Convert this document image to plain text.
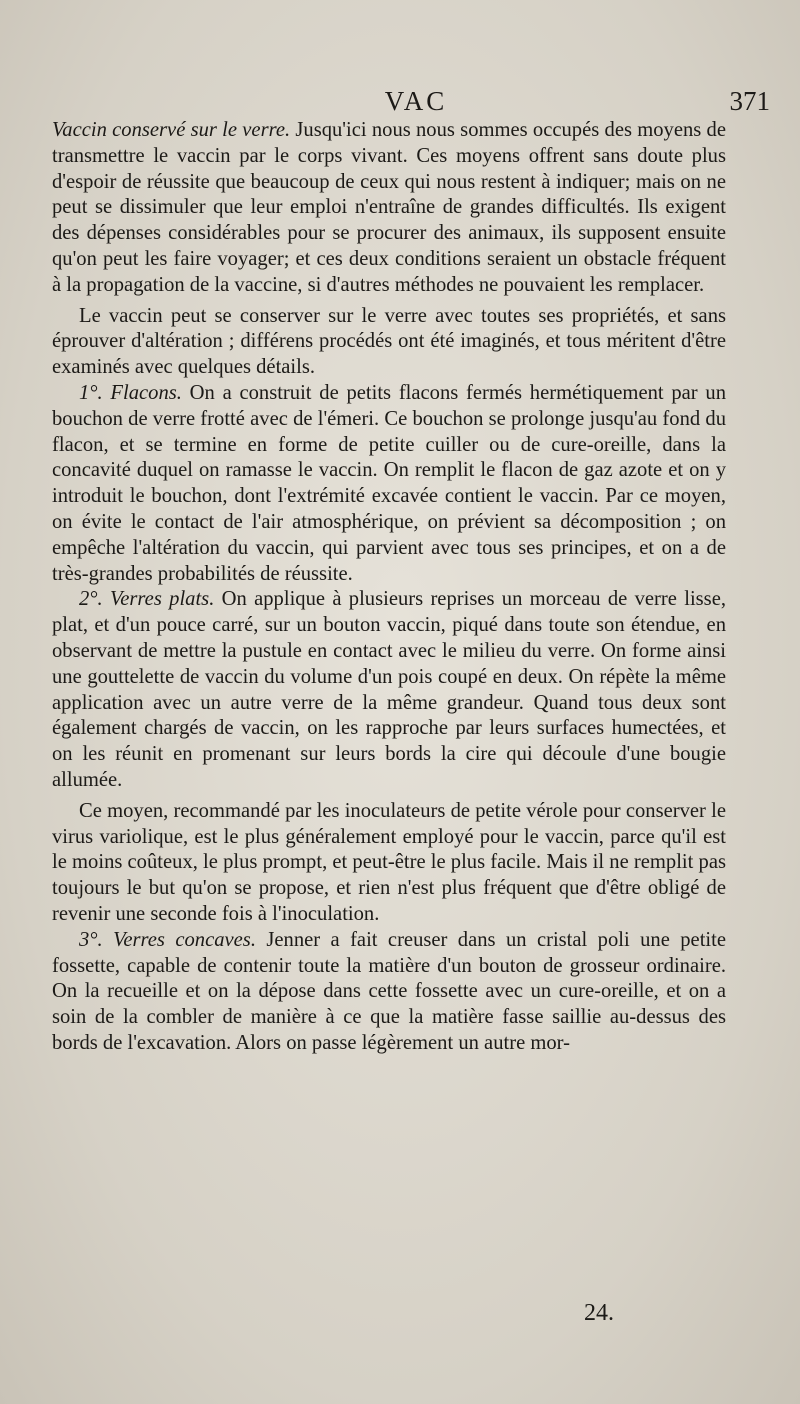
VAC	371

Vaccin conservé sur le verre. Jusqu'ici nous nous sommes occupés des moyens de transmettre le vaccin par le corps vivant. Ces moyens offrent sans doute plus d'espoir de réussite que beaucoup de ceux qui nous restent à indiquer; mais on ne peut se dissimuler que leur emploi n'entraîne de grandes difficultés. Ils exigent des dépenses considérables pour se procurer des animaux, ils supposent ensuite qu'on peut les faire voyager; et ces deux conditions seraient un obstacle fréquent à la propagation de la vaccine, si d'autres méthodes ne pouvaient les remplacer.

Le vaccin peut se conserver sur le verre avec toutes ses propriétés, et sans éprouver d'altération ; différens procédés ont été imaginés, et tous méritent d'être examinés avec quelques détails.

1°. Flacons. On a construit de petits flacons fermés hermétiquement par un bouchon de verre frotté avec de l'émeri. Ce bouchon se prolonge jusqu'au fond du flacon, et se termine en forme de petite cuiller ou de cure-oreille, dans la concavité duquel on ramasse le vaccin. On remplit le flacon de gaz azote et on y introduit le bouchon, dont l'extrémité excavée contient le vaccin. Par ce moyen, on évite le contact de l'air atmosphérique, on prévient sa décomposition ; on empêche l'altération du vaccin, qui parvient avec tous ses principes, et on a de très-grandes probabilités de réussite.

2°. Verres plats. On applique à plusieurs reprises un morceau de verre lisse, plat, et d'un pouce carré, sur un bouton vaccin, piqué dans toute son étendue, en observant de mettre la pustule en contact avec le milieu du verre. On forme ainsi une gouttelette de vaccin du volume d'un pois coupé en deux. On répète la même application avec un autre verre de la même grandeur. Quand tous deux sont également chargés de vaccin, on les rapproche par leurs surfaces humectées, et on les réunit en promenant sur leurs bords la cire qui découle d'une bougie allumée.

Ce moyen, recommandé par les inoculateurs de petite vérole pour conserver le virus variolique, est le plus généralement employé pour le vaccin, parce qu'il est le moins coûteux, le plus prompt, et peut-être le plus facile. Mais il ne remplit pas toujours le but qu'on se propose, et rien n'est plus fréquent que d'être obligé de revenir une seconde fois à l'inoculation.

3°. Verres concaves. Jenner a fait creuser dans un cristal poli une petite fossette, capable de contenir toute la matière d'un bouton de grosseur ordinaire. On la recueille et on la dépose dans cette fossette avec un cure-oreille, et on a soin de la combler de manière à ce que la matière fasse saillie au-dessus des bords de l'excavation. Alors on passe légèrement un autre mor-

24.
